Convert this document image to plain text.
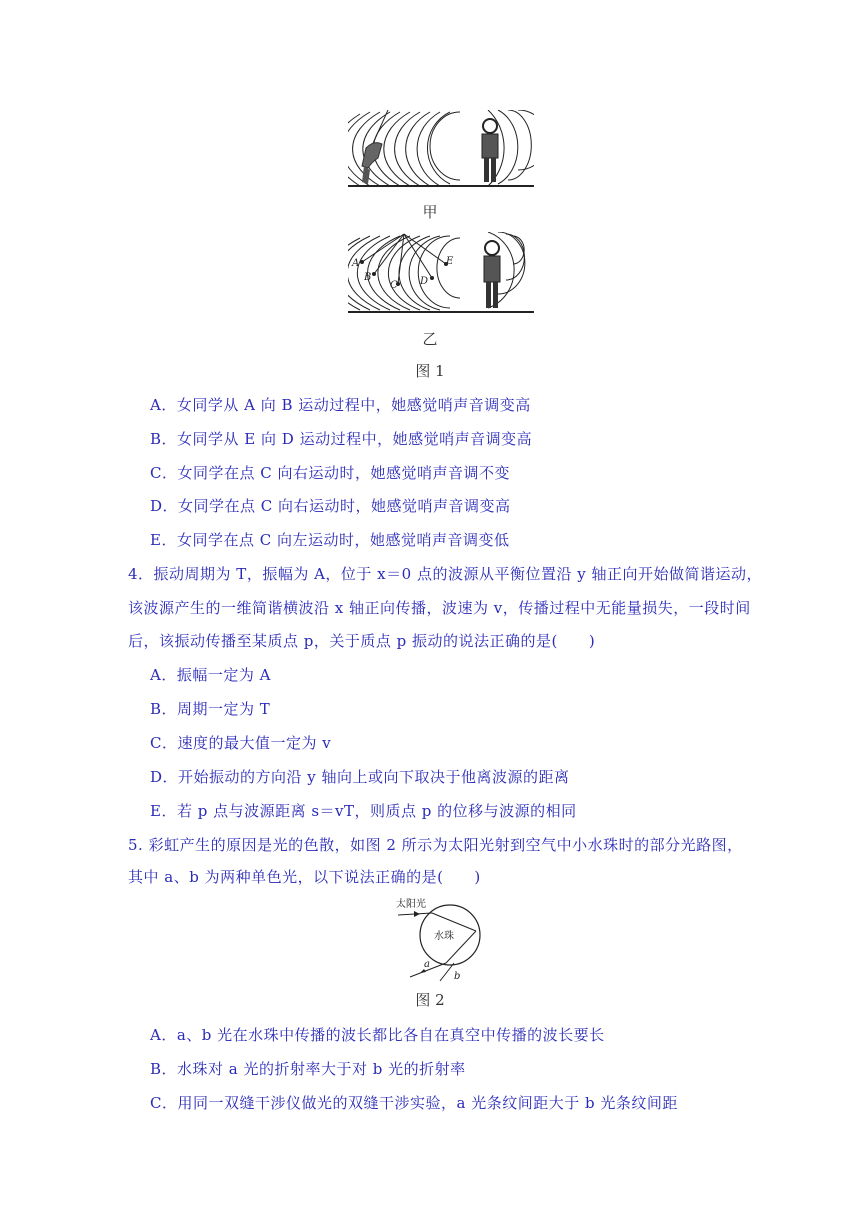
甲
A
B
C D
E
乙
图 1
A．女同学从 A 向 B 运动过程中，她感觉哨声音调变高
B．女同学从 E 向 D 运动过程中，她感觉哨声音调变高
C．女同学在点 C 向右运动时，她感觉哨声音调不变
D．女同学在点 C 向右运动时，她感觉哨声音调变高
E．女同学在点 C 向左运动时，她感觉哨声音调变低
4．振动周期为 T，振幅为 A，位于 x＝0 点的波源从平衡位置沿 y 轴正向开始做简谐运动，
该波源产生的一维简谐横波沿 x 轴正向传播，波速为 v，传播过程中无能量损失，一段时间
后，该振动传播至某质点 p，关于质点 p 振动的说法正确的是(　　)
A．振幅一定为 A
B．周期一定为 T
C．速度的最大值一定为 v
D．开始振动的方向沿 y 轴向上或向下取决于他离波源的距离
E．若 p 点与波源距离 s＝vT，则质点 p 的位移与波源的相同
5. 彩虹产生的原因是光的色散，如图 2 所示为太阳光射到空气中小水珠时的部分光路图，
其中 a、b 为两种单色光，以下说法正确的是(　　)
太阳光
水珠
a
b
图 2
A．a、b 光在水珠中传播的波长都比各自在真空中传播的波长要长
B．水珠对 a 光的折射率大于对 b 光的折射率
C．用同一双缝干涉仪做光的双缝干涉实验，a 光条纹间距大于 b 光条纹间距
